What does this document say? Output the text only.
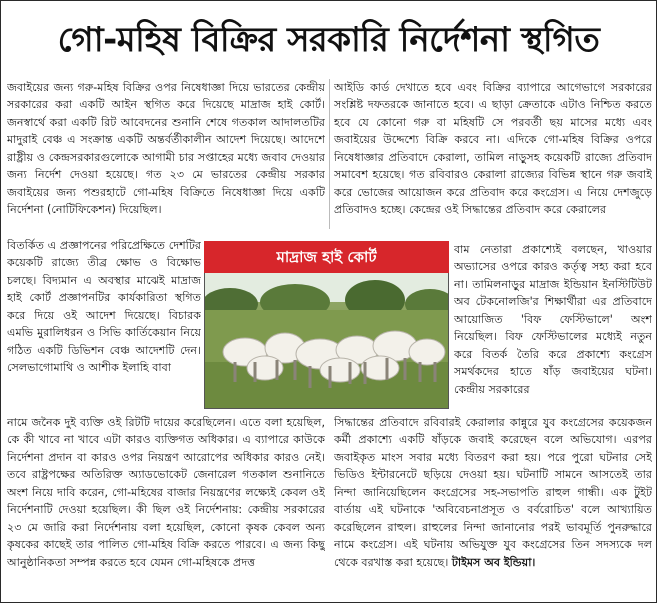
গো-মহিষ বিক্রির সরকারি নির্দেশনা স্থগিত

জবাইয়ের জন্য গরু-মহিষ বিক্রির ওপর নিষেধাজ্ঞা দিয়ে ভারতের কেন্দ্রীয় সরকারের করা একটি আইন স্থগিত করে দিয়েছে মাদ্রাজ হাই কোর্ট। জনস্বার্থে করা একটি রিট আবেদনের শুনানি শেষে গতকাল আদালতটির মাদুরাই বেঞ্চ এ সংক্রান্ত একটি অন্তর্বর্তীকালীন আদেশ দিয়েছে। আদেশে রাষ্ট্রীয় ও কেন্দ্রসরকারগুলোকে আগামী চার সপ্তাহের মধ্যে জবাব দেওয়ার জন্য নির্দেশ দেওয়া হয়েছে। গত ২৩ মে ভারতের কেন্দ্রীয় সরকার জবাইয়ের জন্য পশুরহাটে গো-মহিষ বিক্রিতে নিষেধাজ্ঞা দিয়ে একটি নির্দেশনা (নোটিফিকেশন) দিয়েছিল।

আইডি কার্ড দেখাতে হবে এবং বিক্রির ব্যাপারে আগেভাগে সরকারের সংশ্লিষ্ট দফতরকে জানাতে হবে। এ ছাড়া ক্রেতাকে এটাও নিশ্চিত করতে হবে যে কোনো গরু বা মহিষটি সে পরবর্তী ছয় মাসের মধ্যে এবং জবাইয়ের উদ্দেশ্যে বিক্রি করবে না। এদিকে গো-মহিষ বিক্রির ওপরে নিষেধাজ্ঞার প্রতিবাদে কেরালা, তামিল নাড়ুসহ কয়েকটি রাজ্যে প্রতিবাদ সমাবেশ হয়েছে। গত রবিবারও কেরালা রাজ্যের বিভিন্ন স্থানে গরু জবাই করে ভোজের আয়োজন করে প্রতিবাদ করে কংগ্রেস। এ নিয়ে দেশজুড়ে প্রতিবাদও হচ্ছে। কেন্দ্রের ওই সিদ্ধান্তের প্রতিবাদ করে কেরালের

বিতর্কিত এ প্রজ্ঞাপনের পরিপ্রেক্ষিতে দেশটির কয়েকটি রাজ্যে তীব্র ক্ষোভ ও বিক্ষোভ চলছে। বিদ্যমান এ অবস্থার মাঝেই মাদ্রাজ হাই কোর্ট প্রজ্ঞাপনটির কার্যকারিতা স্থগিত করে দিয়ে ওই আদেশ দিয়েছে। বিচারক এমভি মুরালিধরন ও সিভি কার্তিকেয়ান নিয়ে গঠিত একটি ডিভিশন বেঞ্চ আদেশটি দেন। সেলভাগোমাথি ও আশীক ইলাহি বাবা

মাদ্রাজ হাই কোর্ট	বাম নেতারা প্রকাশ্যেই বলছেন, খাওয়ার অভ্যাসের ওপরে কারও কর্তৃত্ব সহ্য করা হবে না। তামিলনাড়ুর মাদ্রাজ ইন্ডিয়ান ইনস্টিটিউট অব টেকনোলজি'র শিক্ষার্থীরা এর প্রতিবাদে আয়োজিত 'বিফ ফেস্টিভালে' অংশ নিয়েছিল। বিফ ফেস্টিভালের মধ্যেই নতুন করে বিতর্ক তৈরি করে প্রকাশ্যে কংগ্রেস সমর্থকদের হাতে ষাঁড় জবাইয়ের ঘটনা। কেন্দ্রীয় সরকারের

নামে জনৈক দুই ব্যক্তি ওই রিটটি দায়ের করেছিলেন। এতে বলা হয়েছিল, কে কী খাবে না খাবে এটা কারও ব্যক্তিগত অধিকার। এ ব্যাপারে কাউকে নির্দেশনা প্রদান বা কারও ওপর নিয়ন্ত্রণ আরোপের অধিকার কারও নেই। তবে রাষ্ট্রপক্ষের অতিরিক্ত অ্যাডভোকেট জেনারেল গতকাল শুনানিতে অংশ নিয়ে দাবি করেন, গো-মহিষের বাজার নিয়ন্ত্রণের লক্ষ্যেই কেবল ওই নির্দেশনাটি দেওয়া হয়েছিল। কী ছিল ওই নির্দেশনায়: কেন্দ্রীয় সরকারের ২৩ মে জারি করা নির্দেশনায় বলা হয়েছিল, কোনো কৃষক কেবল অন্য কৃষকের কাছেই তার পালিত গো-মহিষ বিক্রি করতে পারবে। এ জন্য কিছু আনুষ্ঠানিকতা সম্পন্ন করতে হবে যেমন গো-মহিষকে প্রদত্ত

সিদ্ধান্তের প্রতিবাদে রবিবারই কেরালার কান্নুরে যুব কংগ্রেসের কয়েকজন কর্মী প্রকাশ্যে একটি ষাঁড়কে জবাই করেছেন বলে অভিযোগ। এরপর জবাইকৃত মাংস সবার মধ্যে বিতরণ করা হয়। পরে পুরো ঘটনার সেই ভিডিও ইন্টারনেটে ছড়িয়ে দেওয়া হয়। ঘটনাটি সামনে আসতেই তার নিন্দা জানিয়েছিলেন কংগ্রেসের সহ-সভাপতি রাহুল গান্ধী। এক টুইট বার্তায় এই ঘটনাকে 'অবিবেচনাপ্রসূত ও বর্বরোচিত' বলে আখ্যায়িত করেছিলেন রাহুল। রাহুলের নিন্দা জানানোর পরই ভাবমূর্তি পুনরুদ্ধারে নামে কংগ্রেস। এই ঘটনায় অভিযুক্ত যুব কংগ্রেসের তিন সদস্যকে দল থেকে বরখাস্ত করা হয়েছে। টাইমস অব ইন্ডিয়া।
